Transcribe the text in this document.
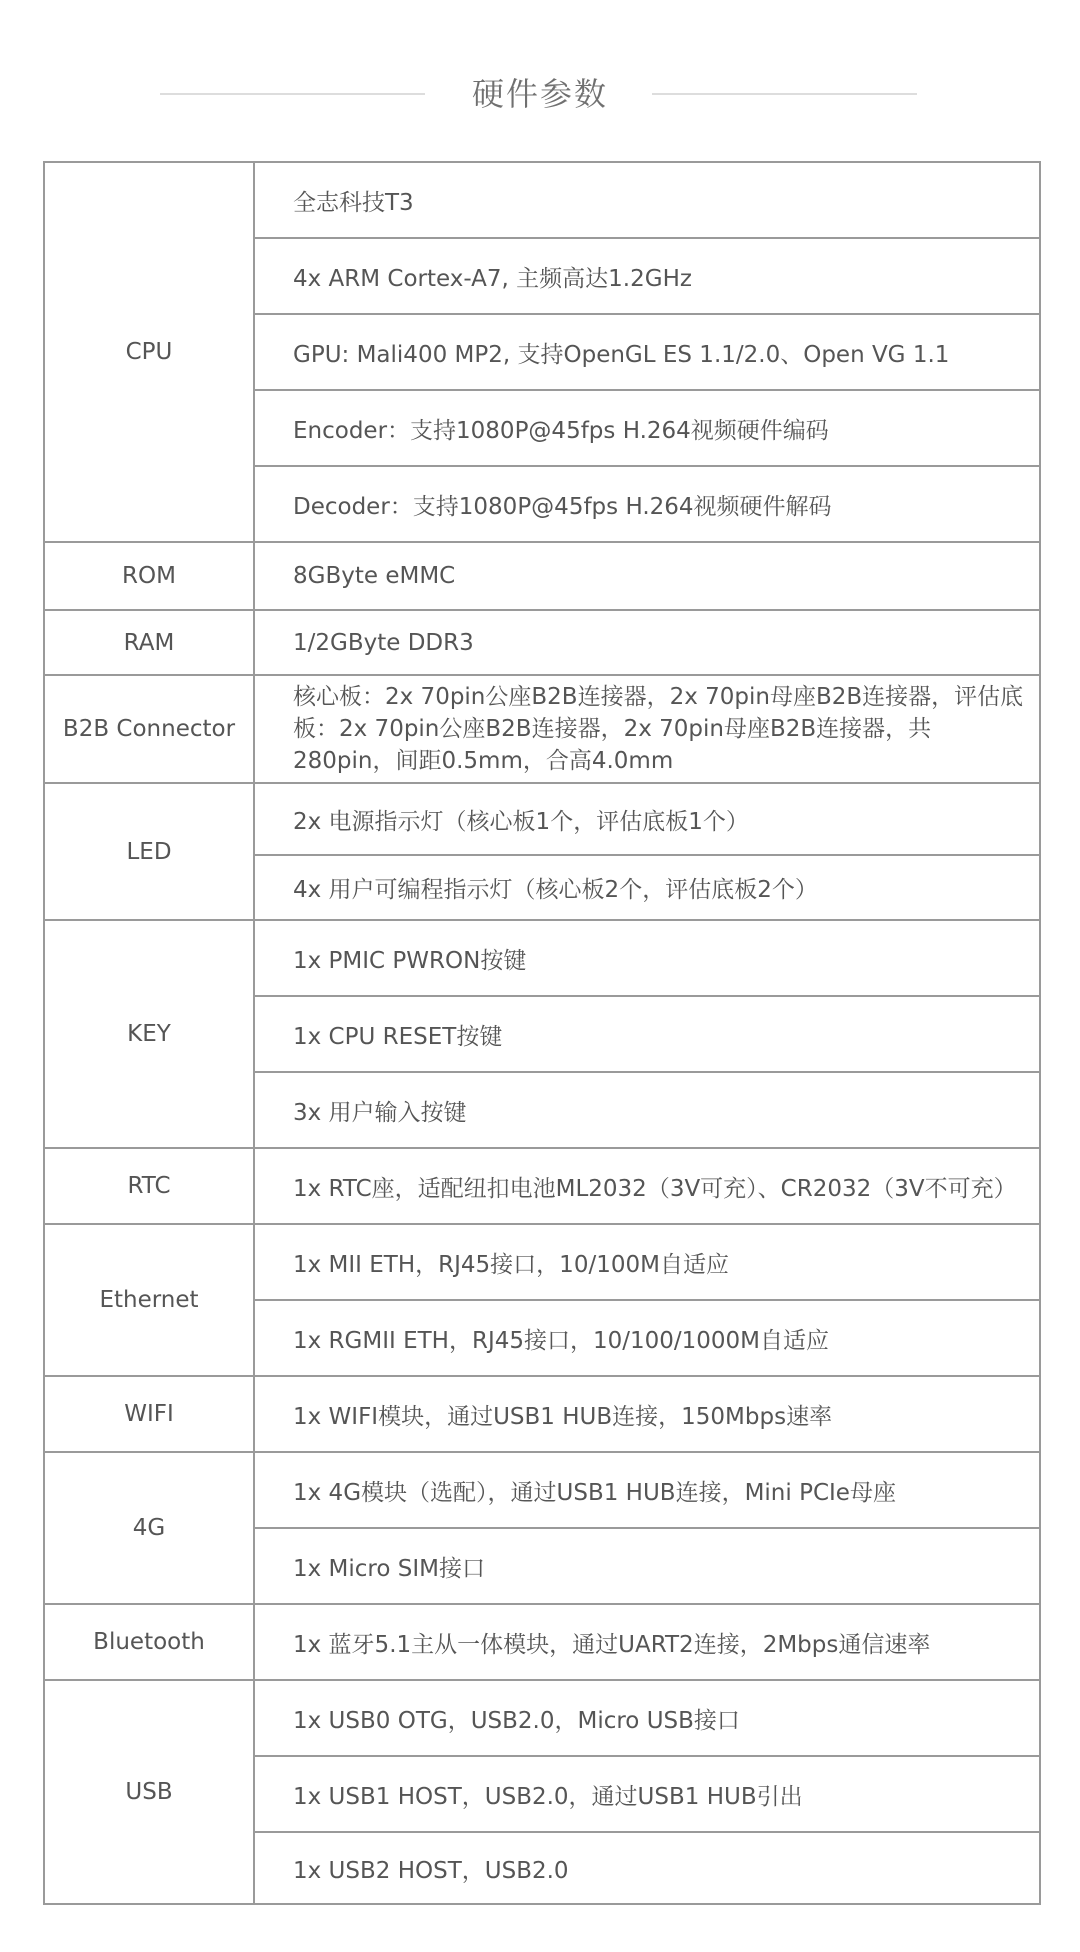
硬件参数
CPU	全志科技T3
	4x ARM Cortex-A7, 主频高达1.2GHz
	GPU: Mali400 MP2, 支持OpenGL ES 1.1/2.0、Open VG 1.1
	Encoder：支持1080P@45fps H.264视频硬件编码
	Decoder：支持1080P@45fps H.264视频硬件解码
ROM	8GByte eMMC
RAM	1/2GByte DDR3
B2B Connector	核心板：2x 70pin公座B2B连接器，2x 70pin母座B2B连接器，评估底板：2x 70pin公座B2B连接器，2x 70pin母座B2B连接器，共280pin，间距0.5mm，合高4.0mm
LED	2x 电源指示灯（核心板1个，评估底板1个）
	4x 用户可编程指示灯（核心板2个，评估底板2个）
KEY	1x PMIC PWRON按键
	1x CPU RESET按键
	3x 用户输入按键
RTC	1x RTC座，适配纽扣电池ML2032（3V可充）、CR2032（3V不可充）
Ethernet	1x MII ETH，RJ45接口，10/100M自适应
	1x RGMII ETH，RJ45接口，10/100/1000M自适应
WIFI	1x WIFI模块，通过USB1 HUB连接，150Mbps速率
4G	1x 4G模块（选配），通过USB1 HUB连接，Mini PCIe母座
	1x Micro SIM接口
Bluetooth	1x 蓝牙5.1主从一体模块，通过UART2连接，2Mbps通信速率
USB	1x USB0 OTG，USB2.0，Micro USB接口
	1x USB1 HOST，USB2.0，通过USB1 HUB引出
	1x USB2 HOST，USB2.0
